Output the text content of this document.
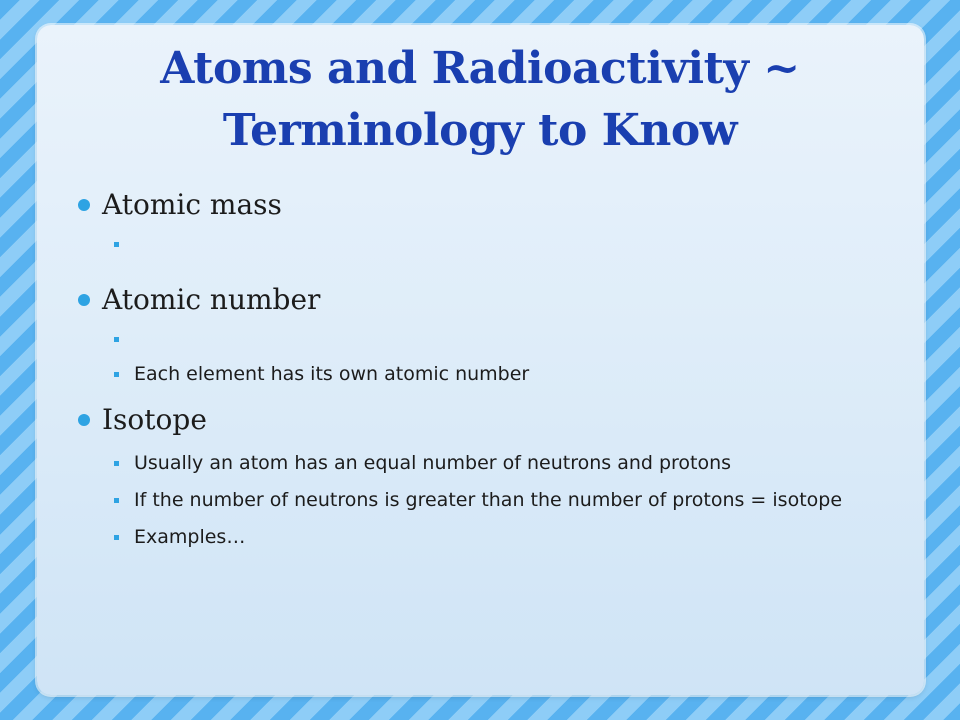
Atoms and Radioactivity ~
Terminology to Know
Atomic mass
Atomic number
Each element has its own atomic number
Isotope
Usually an atom has an equal number of neutrons and protons
If the number of neutrons is greater than the number of protons = isotope
Examples…
